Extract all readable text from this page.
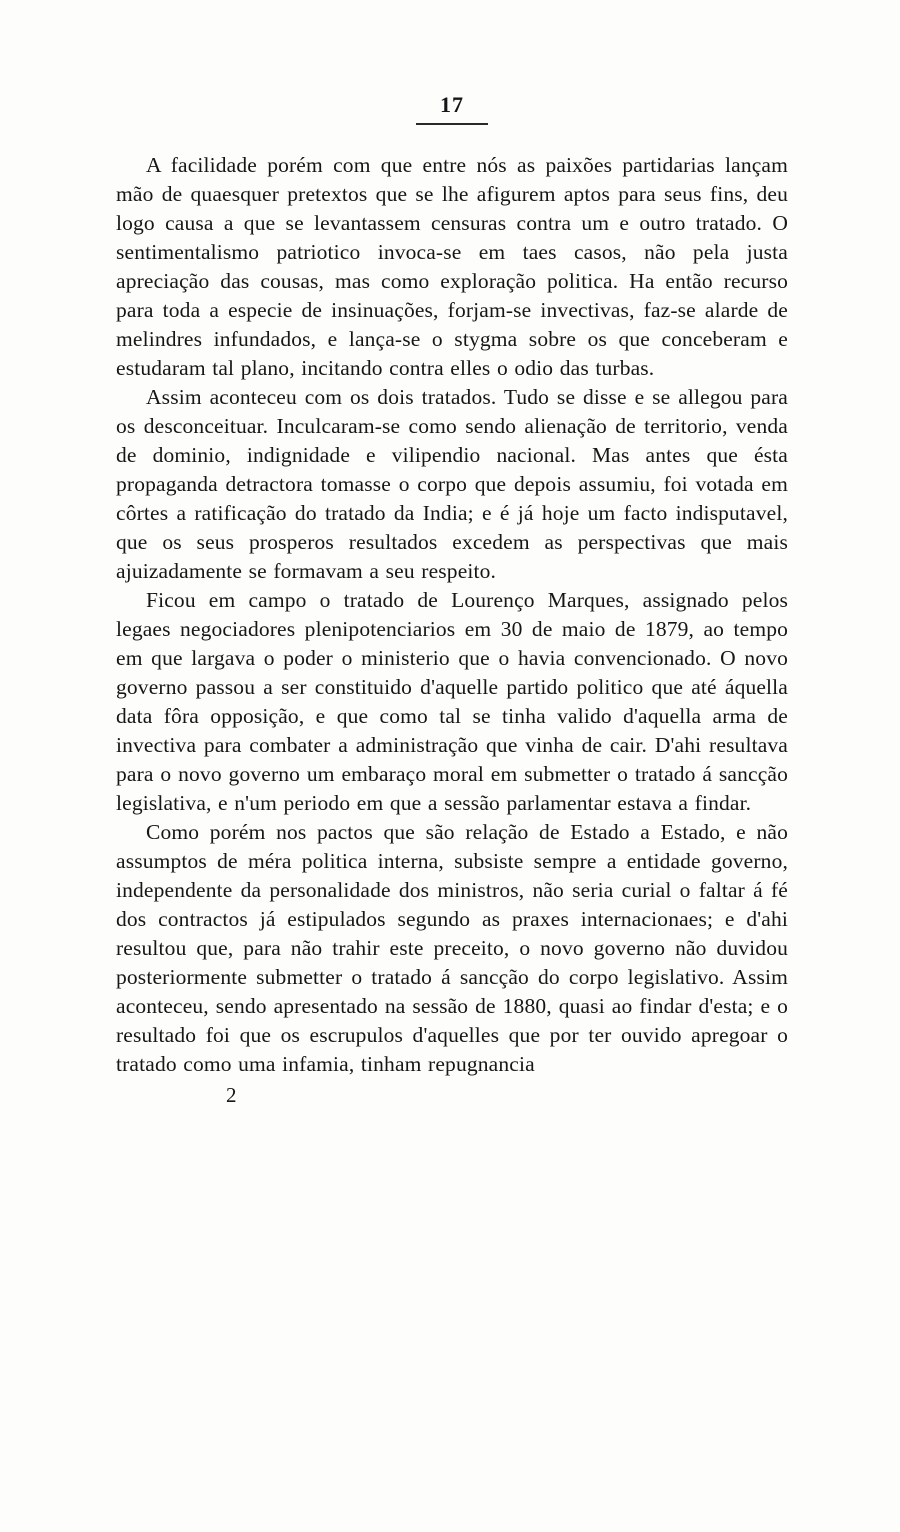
17

A facilidade porém com que entre nós as paixões partidarias lançam mão de quaesquer pretextos que se lhe afigurem aptos para seus fins, deu logo causa a que se levantassem censuras contra um e outro tratado. O sentimentalismo patriotico invoca-se em taes casos, não pela justa apreciação das cousas, mas como exploração politica. Ha então recurso para toda a especie de insinuações, forjam-se invectivas, faz-se alarde de melindres infundados, e lança-se o stygma sobre os que conceberam e estudaram tal plano, incitando contra elles o odio das turbas.

Assim aconteceu com os dois tratados. Tudo se disse e se allegou para os desconceituar. Inculcaram-se como sendo alienação de territorio, venda de dominio, indignidade e vilipendio nacional. Mas antes que ésta propaganda detractora tomasse o corpo que depois assumiu, foi votada em côrtes a ratificação do tratado da India; e é já hoje um facto indisputavel, que os seus prosperos resultados excedem as perspectivas que mais ajuizadamente se formavam a seu respeito.

Ficou em campo o tratado de Lourenço Marques, assignado pelos legaes negociadores plenipotenciarios em 30 de maio de 1879, ao tempo em que largava o poder o ministerio que o havia convencionado. O novo governo passou a ser constituido d'aquelle partido politico que até áquella data fôra opposição, e que como tal se tinha valido d'aquella arma de invectiva para combater a administração que vinha de cair. D'ahi resultava para o novo governo um embaraço moral em submetter o tratado á sancção legislativa, e n'um periodo em que a sessão parlamentar estava a findar.

Como porém nos pactos que são relação de Estado a Estado, e não assumptos de méra politica interna, subsiste sempre a entidade governo, independente da personalidade dos ministros, não seria curial o faltar á fé dos contractos já estipulados segundo as praxes internacionaes; e d'ahi resultou que, para não trahir este preceito, o novo governo não duvidou posteriormente submetter o tratado á sancção do corpo legislativo. Assim aconteceu, sendo apresentado na sessão de 1880, quasi ao findar d'esta; e o resultado foi que os escrupulos d'aquelles que por ter ouvido apregoar o tratado como uma infamia, tinham repugnancia

2
